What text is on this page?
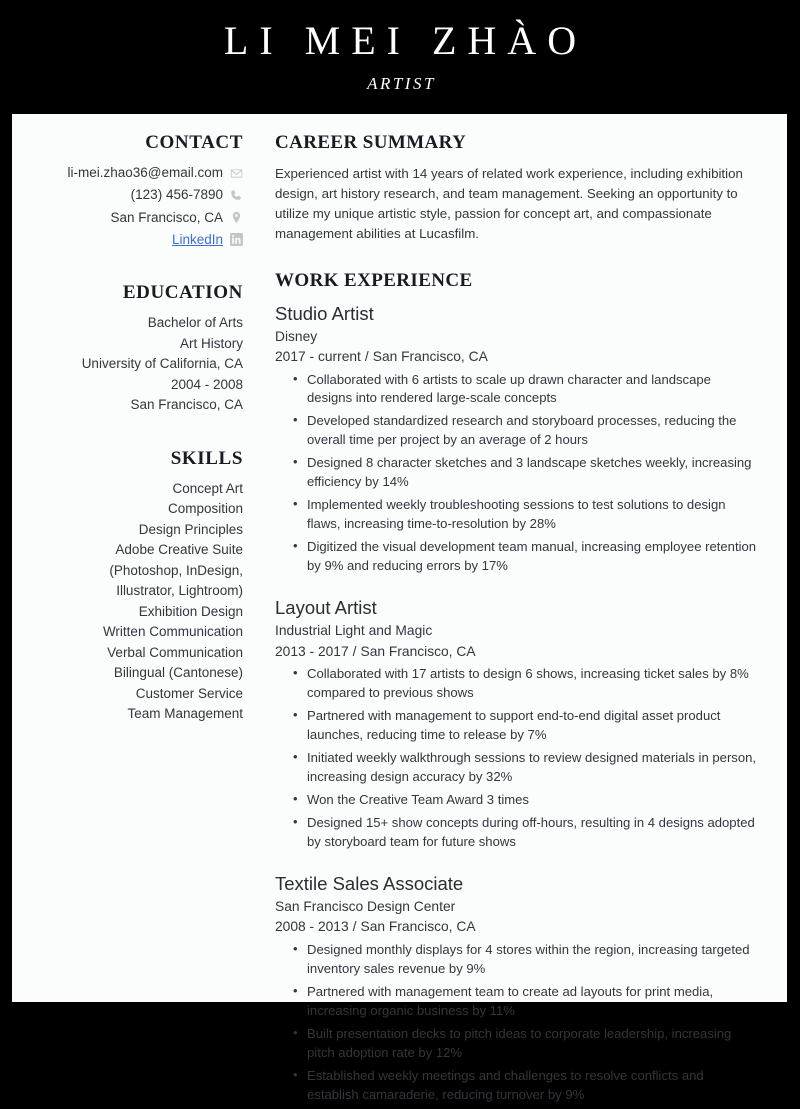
LI MEI ZHÀO
ARTIST
CONTACT
li-mei.zhao36@email.com
(123) 456-7890
San Francisco, CA
LinkedIn
EDUCATION
Bachelor of Arts
Art History
University of California, CA
2004 - 2008
San Francisco, CA
SKILLS
Concept Art
Composition
Design Principles
Adobe Creative Suite
(Photoshop, InDesign,
Illustrator, Lightroom)
Exhibition Design
Written Communication
Verbal Communication
Bilingual (Cantonese)
Customer Service
Team Management
CAREER SUMMARY

Experienced artist with 14 years of related work experience, including exhibition design, art history research, and team management. Seeking an opportunity to utilize my unique artistic style, passion for concept art, and compassionate management abilities at Lucasfilm.

WORK EXPERIENCE
Studio Artist
Disney
2017 - current / San Francisco, CA
• Collaborated with 6 artists to scale up drawn character and landscape designs into rendered large-scale concepts
• Developed standardized research and storyboard processes, reducing the overall time per project by an average of 2 hours
• Designed 8 character sketches and 3 landscape sketches weekly, increasing efficiency by 14%
• Implemented weekly troubleshooting sessions to test solutions to design flaws, increasing time-to-resolution by 28%
• Digitized the visual development team manual, increasing employee retention by 9% and reducing errors by 17%
Layout Artist
Industrial Light and Magic
2013 - 2017 / San Francisco, CA
• Collaborated with 17 artists to design 6 shows, increasing ticket sales by 8% compared to previous shows
• Partnered with management to support end-to-end digital asset product launches, reducing time to release by 7%
• Initiated weekly walkthrough sessions to review designed materials in person, increasing design accuracy by 32%
• Won the Creative Team Award 3 times
• Designed 15+ show concepts during off-hours, resulting in 4 designs adopted by storyboard team for future shows
Textile Sales Associate
San Francisco Design Center
2008 - 2013 / San Francisco, CA
• Designed monthly displays for 4 stores within the region, increasing targeted inventory sales revenue by 9%
• Partnered with management team to create ad layouts for print media, increasing organic business by 11%
• Built presentation decks to pitch ideas to corporate leadership, increasing pitch adoption rate by 12%
• Established weekly meetings and challenges to resolve conflicts and establish camaraderie, reducing turnover by 9%
